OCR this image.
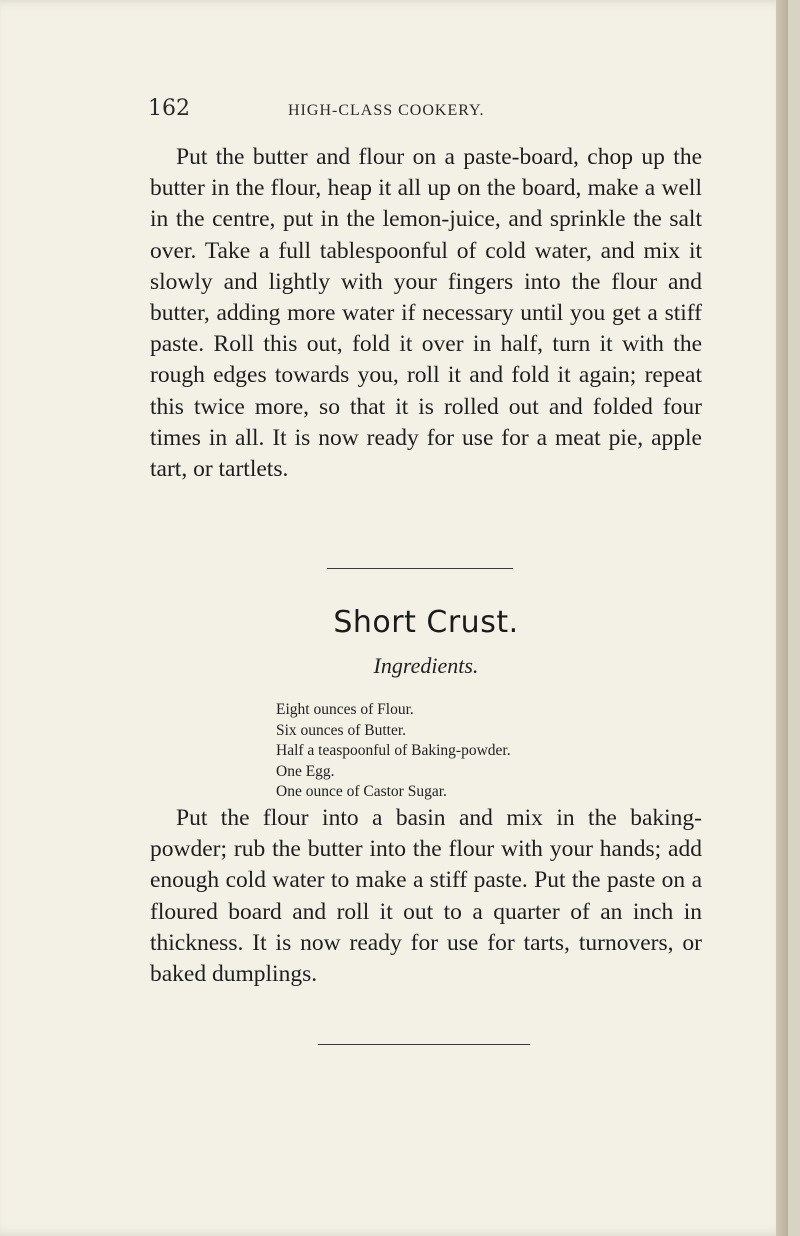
162	HIGH-CLASS COOKERY.

Put the butter and flour on a paste-board, chop up the butter in the flour, heap it all up on the board, make a well in the centre, put in the lemon-juice, and sprinkle the salt over. Take a full tablespoonful of cold water, and mix it slowly and lightly with your fingers into the flour and butter, adding more water if necessary until you get a stiff paste. Roll this out, fold it over in half, turn it with the rough edges towards you, roll it and fold it again; repeat this twice more, so that it is rolled out and folded four times in all. It is now ready for use for a meat pie, apple tart, or tartlets.

Short Crust.
Ingredients.
Eight ounces of Flour.
Six ounces of Butter.
Half a teaspoonful of Baking-powder.
One Egg.
One ounce of Castor Sugar.

Put the flour into a basin and mix in the baking-powder; rub the butter into the flour with your hands; add enough cold water to make a stiff paste. Put the paste on a floured board and roll it out to a quarter of an inch in thickness. It is now ready for use for tarts, turnovers, or baked dumplings.
